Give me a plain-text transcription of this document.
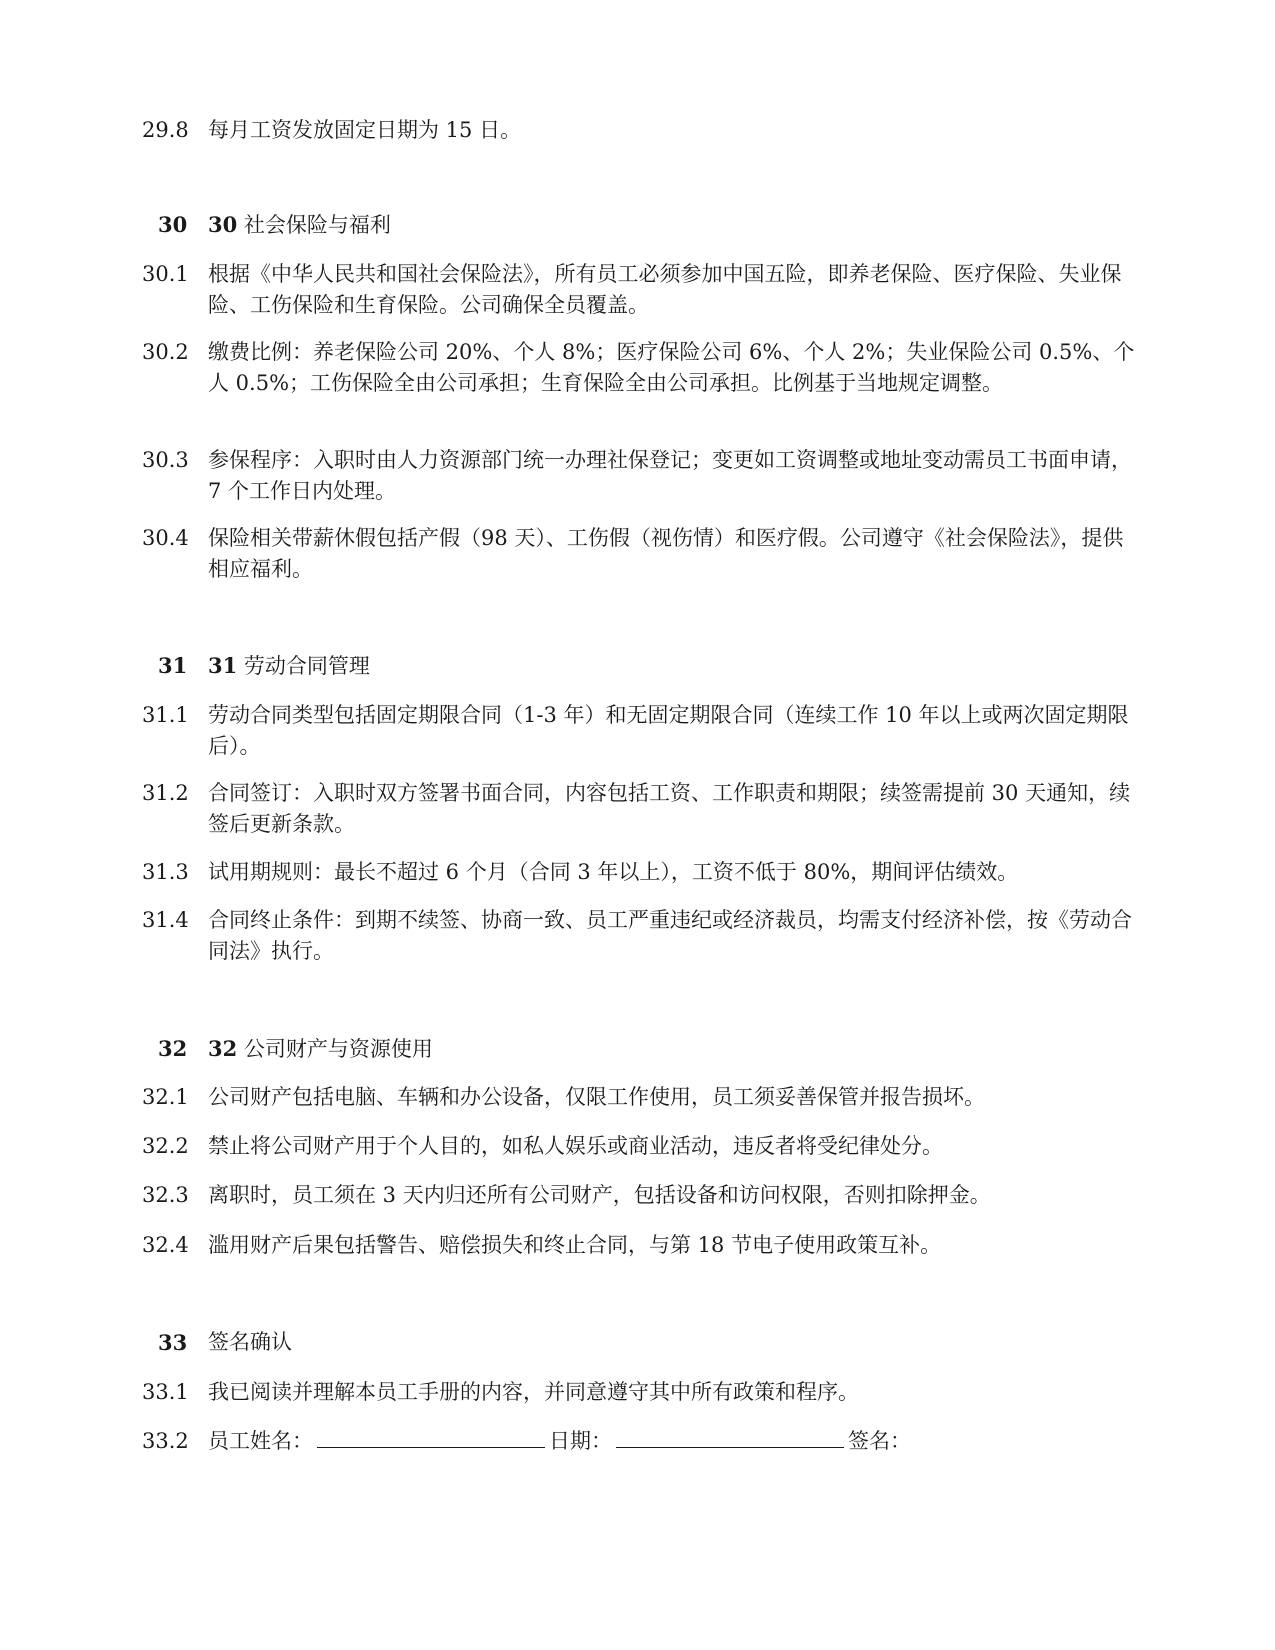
29.8 每月工资发放固定日期为 15 日。
30 30 社会保险与福利
30.1 根据《中华人民共和国社会保险法》，所有员工必须参加中国五险，即养老保险、医疗保险、失业保险、工伤保险和生育保险。公司确保全员覆盖。
30.2 缴费比例：养老保险公司 20%、个人 8%；医疗保险公司 6%、个人 2%；失业保险公司 0.5%、个人 0.5%；工伤保险全由公司承担；生育保险全由公司承担。比例基于当地规定调整。
30.3 参保程序：入职时由人力资源部门统一办理社保登记；变更如工资调整或地址变动需员工书面申请，7 个工作日内处理。
30.4 保险相关带薪休假包括产假（98 天）、工伤假（视伤情）和医疗假。公司遵守《社会保险法》，提供相应福利。
31 31 劳动合同管理
31.1 劳动合同类型包括固定期限合同（1-3 年）和无固定期限合同（连续工作 10 年以上或两次固定期限后）。
31.2 合同签订：入职时双方签署书面合同，内容包括工资、工作职责和期限；续签需提前 30 天通知，续签后更新条款。
31.3 试用期规则：最长不超过 6 个月（合同 3 年以上），工资不低于 80%，期间评估绩效。
31.4 合同终止条件：到期不续签、协商一致、员工严重违纪或经济裁员，均需支付经济补偿，按《劳动合同法》执行。
32 32 公司财产与资源使用
32.1 公司财产包括电脑、车辆和办公设备，仅限工作使用，员工须妥善保管并报告损坏。
32.2 禁止将公司财产用于个人目的，如私人娱乐或商业活动，违反者将受纪律处分。
32.3 离职时，员工须在 3 天内归还所有公司财产，包括设备和访问权限，否则扣除押金。
32.4 滥用财产后果包括警告、赔偿损失和终止合同，与第 18 节电子使用政策互补。
33 签名确认
33.1 我已阅读并理解本员工手册的内容，并同意遵守其中所有政策和程序。
33.2 员工姓名：	日期：	签名：
